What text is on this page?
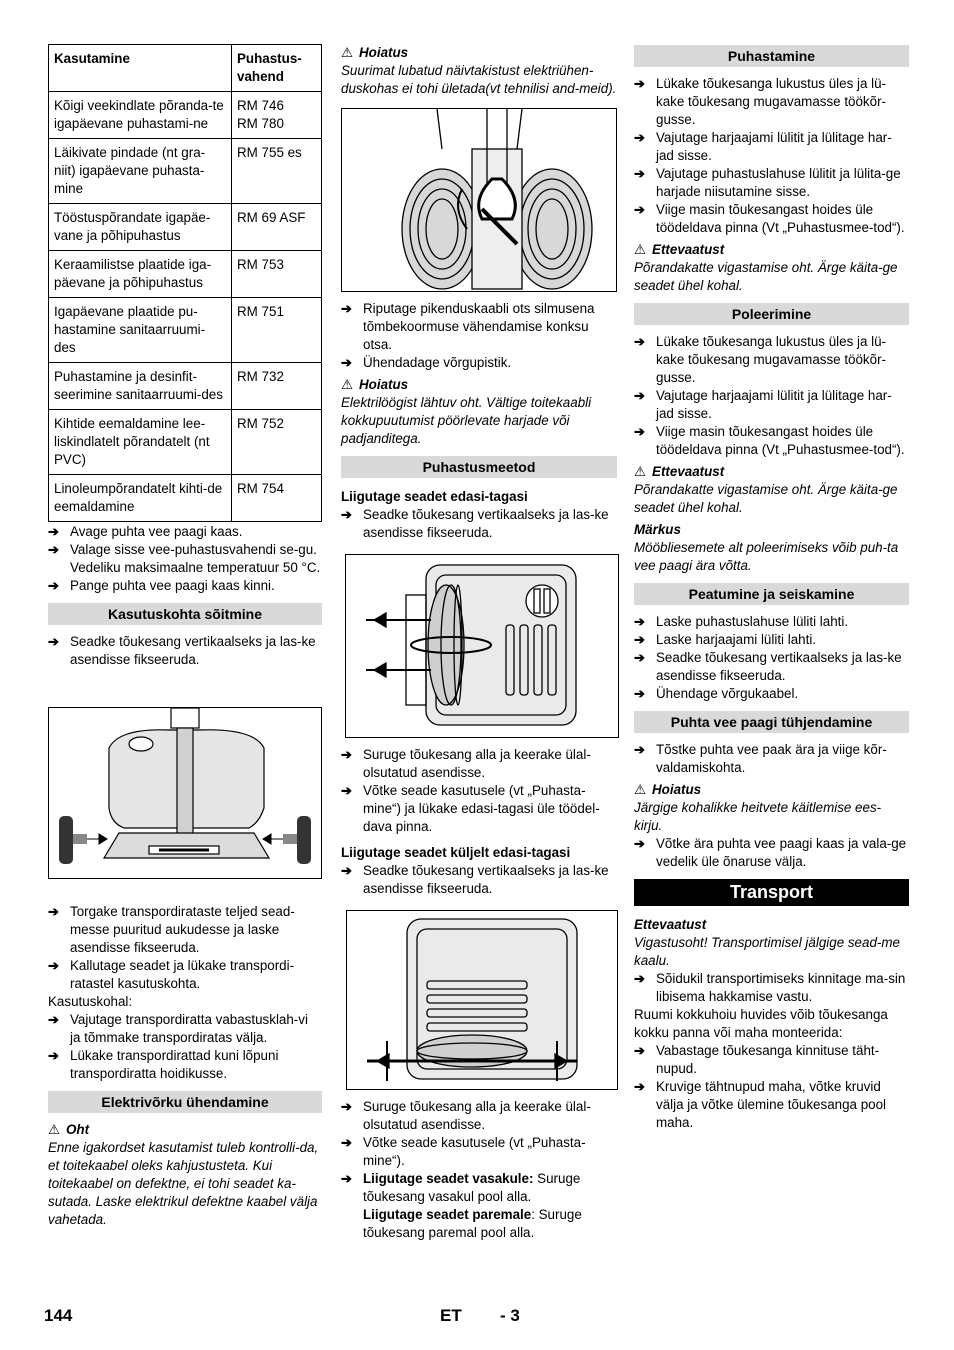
Kasutamine	Puhastus-vahend
Kõigi veekindlate põranda-te igapäevane puhastami-ne	RM 746
RM 780
Läikivate pindade (nt gra-niit) igapäevane puhasta-mine	RM 755 es
Tööstuspõrandate igapäe-vane ja põhipuhastus	RM 69 ASF
Keraamilistse plaatide iga-päevane ja põhipuhastus	RM 753
Igapäevane plaatide pu-hastamine sanitaarruumi-des	RM 751
Puhastamine ja desinfit-seerimine sanitaarruumi-des	RM 732
Kihtide eemaldamine lee-liskindlatelt põrandatelt (nt PVC)	RM 752
Linoleumpõrandatelt kihti-de eemaldamine	RM 754

➔ Avage puhta vee paagi kaas.

➔ Valage sisse vee-puhastusvahendi se-gu. Vedeliku maksimaalne temperatuur 50 °C.

➔ Pange puhta vee paagi kaas kinni.

Kasutuskohta sõitmine

➔ Seadke tõukesang vertikaalseks ja las-ke asendisse fikseeruda.

➔ Torgake transpordirataste teljed sead-messe puuritud aukudesse ja laske asendisse fikseeruda.

➔ Kallutage seadet ja lükake transpordi-ratastel kasutuskohta.

Kasutuskohal:

➔ Vajutage transpordiratta vabastusklah-vi ja tõmmake transpordiratas välja.

➔ Lükake transpordirattad kuni lõpuni transpordiratta hoidikusse.

Elektrivõrku ühendamine

⚠ Oht

Enne igakordset kasutamist tuleb kontrolli-da, et toitekaabel oleks kahjustusteta. Kui toitekaabel on defektne, ei tohi seadet ka-sutada. Laske elektrikul defektne kaabel välja vahetada.

⚠ Hoiatus

Suurimat lubatud näivtakistust elektriühen-duskohas ei tohi ületada(vt tehnilisi and-meid).

➔ Riputage pikenduskaabli ots silmusena tõmbekoormuse vähendamise konksu otsa.

➔ Ühendadage võrgupistik.

⚠ Hoiatus

Elektrilöögist lähtuv oht. Vältige toitekaabli kokkupuutumist pöörlevate harjade või padjanditega.

Puhastusmeetod

Liigutage seadet edasi-tagasi

➔ Seadke tõukesang vertikaalseks ja las-ke asendisse fikseeruda.

➔ Suruge tõukesang alla ja keerake ülal-olsutatud asendisse.

➔ Võtke seade kasutusele (vt „Puhasta-mine“) ja lükake edasi-tagasi üle töödel-dava pinna.

Liigutage seadet küljelt edasi-tagasi

➔ Seadke tõukesang vertikaalseks ja las-ke asendisse fikseeruda.

➔ Suruge tõukesang alla ja keerake ülal-olsutatud asendisse.

➔ Võtke seade kasutusele (vt „Puhasta-mine“).

➔ Liigutage seadet vasakule: Suruge tõukesang vasakul pool alla.

Liigutage seadet paremale: Suruge tõukesang paremal pool alla.

Puhastamine

➔ Lükake tõukesanga lukustus üles ja lü-kake tõukesang mugavamasse töökõr-gusse.

➔ Vajutage harjaajami lülitit ja lülitage har-jad sisse.

➔ Vajutage puhastuslahuse lülitit ja lülita-ge harjade niisutamine sisse.

➔ Viige masin tõukesangast hoides üle töödeldava pinna (Vt „Puhastusmee-tod“).

⚠ Ettevaatust

Põrandakatte vigastamise oht. Ärge käita-ge seadet ühel kohal.

Poleerimine

➔ Lükake tõukesanga lukustus üles ja lü-kake tõukesang mugavamasse töökõr-gusse.

➔ Vajutage harjaajami lülitit ja lülitage har-jad sisse.

➔ Viige masin tõukesangast hoides üle töödeldava pinna (Vt „Puhastusmee-tod“).

⚠ Ettevaatust

Põrandakatte vigastamise oht. Ärge käita-ge seadet ühel kohal.

Märkus

Mööbliesemete alt poleerimiseks võib puh-ta vee paagi ära võtta.

Peatumine ja seiskamine

➔ Laske puhastuslahuse lüliti lahti.

➔ Laske harjaajami lüliti lahti.

➔ Seadke tõukesang vertikaalseks ja las-ke asendisse fikseeruda.

➔ Ühendage võrgukaabel.

Puhta vee paagi tühjendamine

➔ Tõstke puhta vee paak ära ja viige kõr-valdamiskohta.

⚠ Hoiatus

Järgige kohalikke heitvete käitlemise ees-kirju.

➔ Võtke ära puhta vee paagi kaas ja vala-ge vedelik üle õnaruse välja.

Transport

Ettevaatust

Vigastusoht! Transportimisel jälgige sead-me kaalu.

➔ Sõidukil transportimiseks kinnitage ma-sin libisema hakkamise vastu.

Ruumi kokkuhoiu huvides võib tõukesanga kokku panna või maha monteerida:

➔ Vabastage tõukesanga kinnituse täht-nupud.

➔ Kruvige tähtnupud maha, võtke kruvid välja ja võtke ülemine tõukesanga pool maha.

144	ET - 3
